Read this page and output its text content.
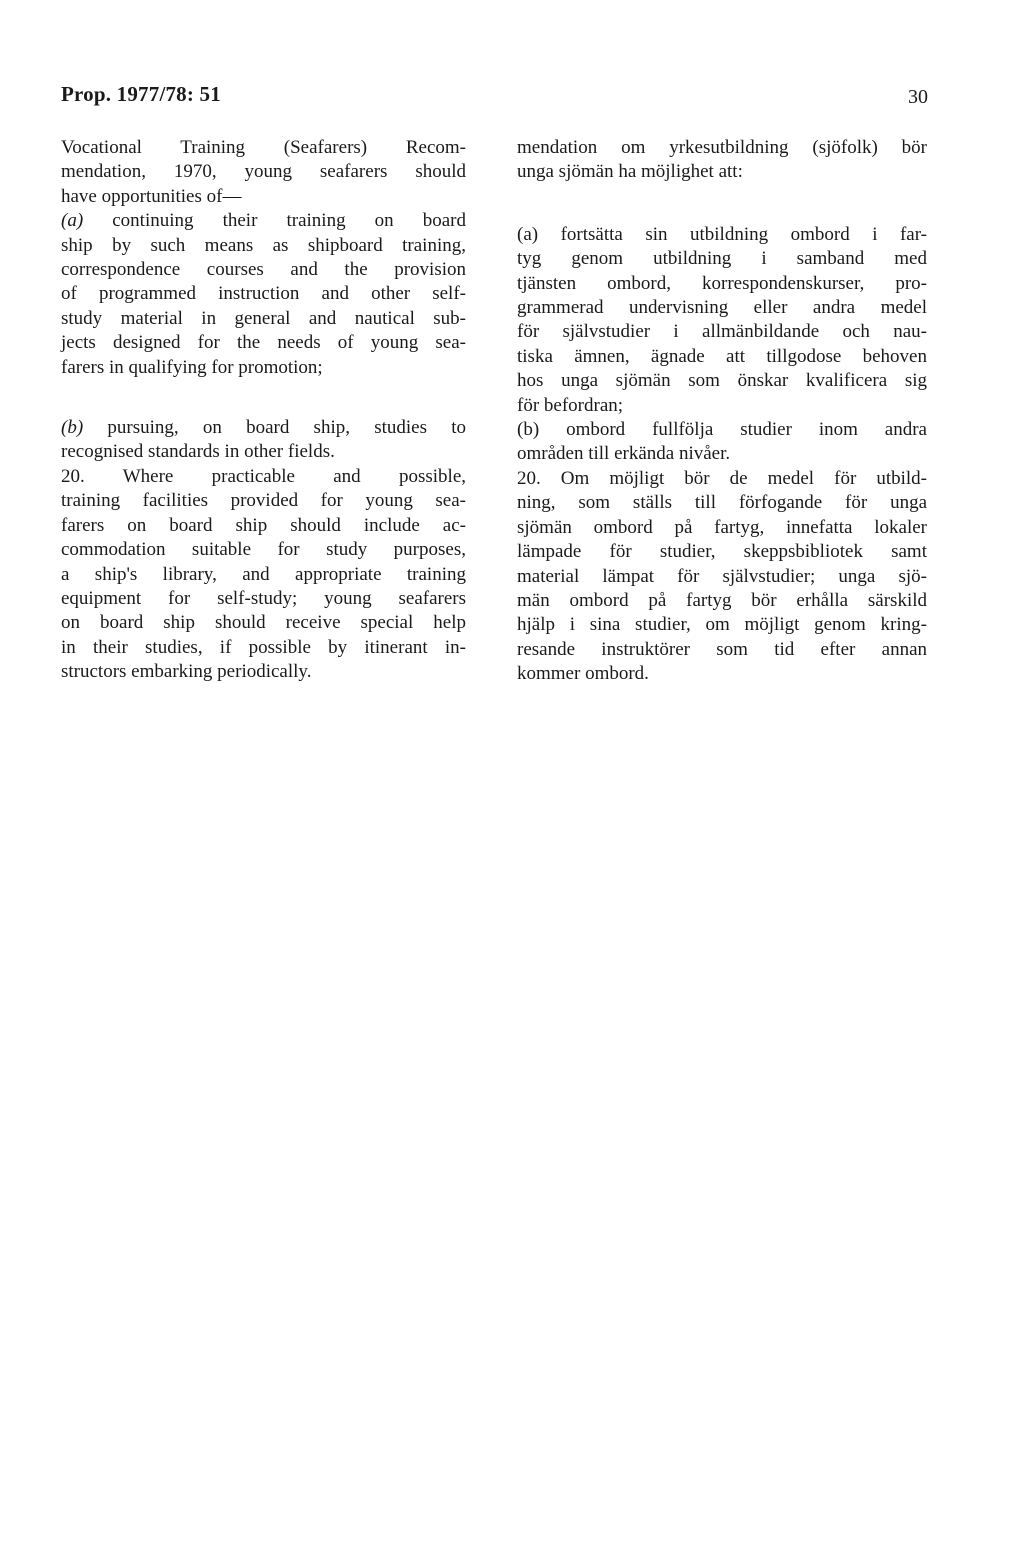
Prop. 1977/78: 51	30
Vocational Training (Seafarers) Recom-
mendation, 1970, young seafarers should
have opportunities of—
(a) continuing their training on board
ship by such means as shipboard training,
correspondence courses and the provision
of programmed instruction and other self-
study material in general and nautical sub-
jects designed for the needs of young sea-
farers in qualifying for promotion;
(b) pursuing, on board ship, studies to
recognised standards in other fields.
20. Where practicable and possible,
training facilities provided for young sea-
farers on board ship should include ac-
commodation suitable for study purposes,
a ship's library, and appropriate training
equipment for self-study; young seafarers
on board ship should receive special help
in their studies, if possible by itinerant in-
structors embarking periodically.
mendation om yrkesutbildning (sjöfolk) bör
unga sjömän ha möjlighet att:
(a) fortsätta sin utbildning ombord i far-
tyg genom utbildning i samband med
tjänsten ombord, korrespondenskurser, pro-
grammerad undervisning eller andra medel
för självstudier i allmänbildande och nau-
tiska ämnen, ägnade att tillgodose behoven
hos unga sjömän som önskar kvalificera sig
för befordran;
(b) ombord fullfölja studier inom andra
områden till erkända nivåer.
20. Om möjligt bör de medel för utbild-
ning, som ställs till förfogande för unga
sjömän ombord på fartyg, innefatta lokaler
lämpade för studier, skeppsbibliotek samt
material lämpat för självstudier; unga sjö-
män ombord på fartyg bör erhålla särskild
hjälp i sina studier, om möjligt genom kring-
resande instruktörer som tid efter annan
kommer ombord.
